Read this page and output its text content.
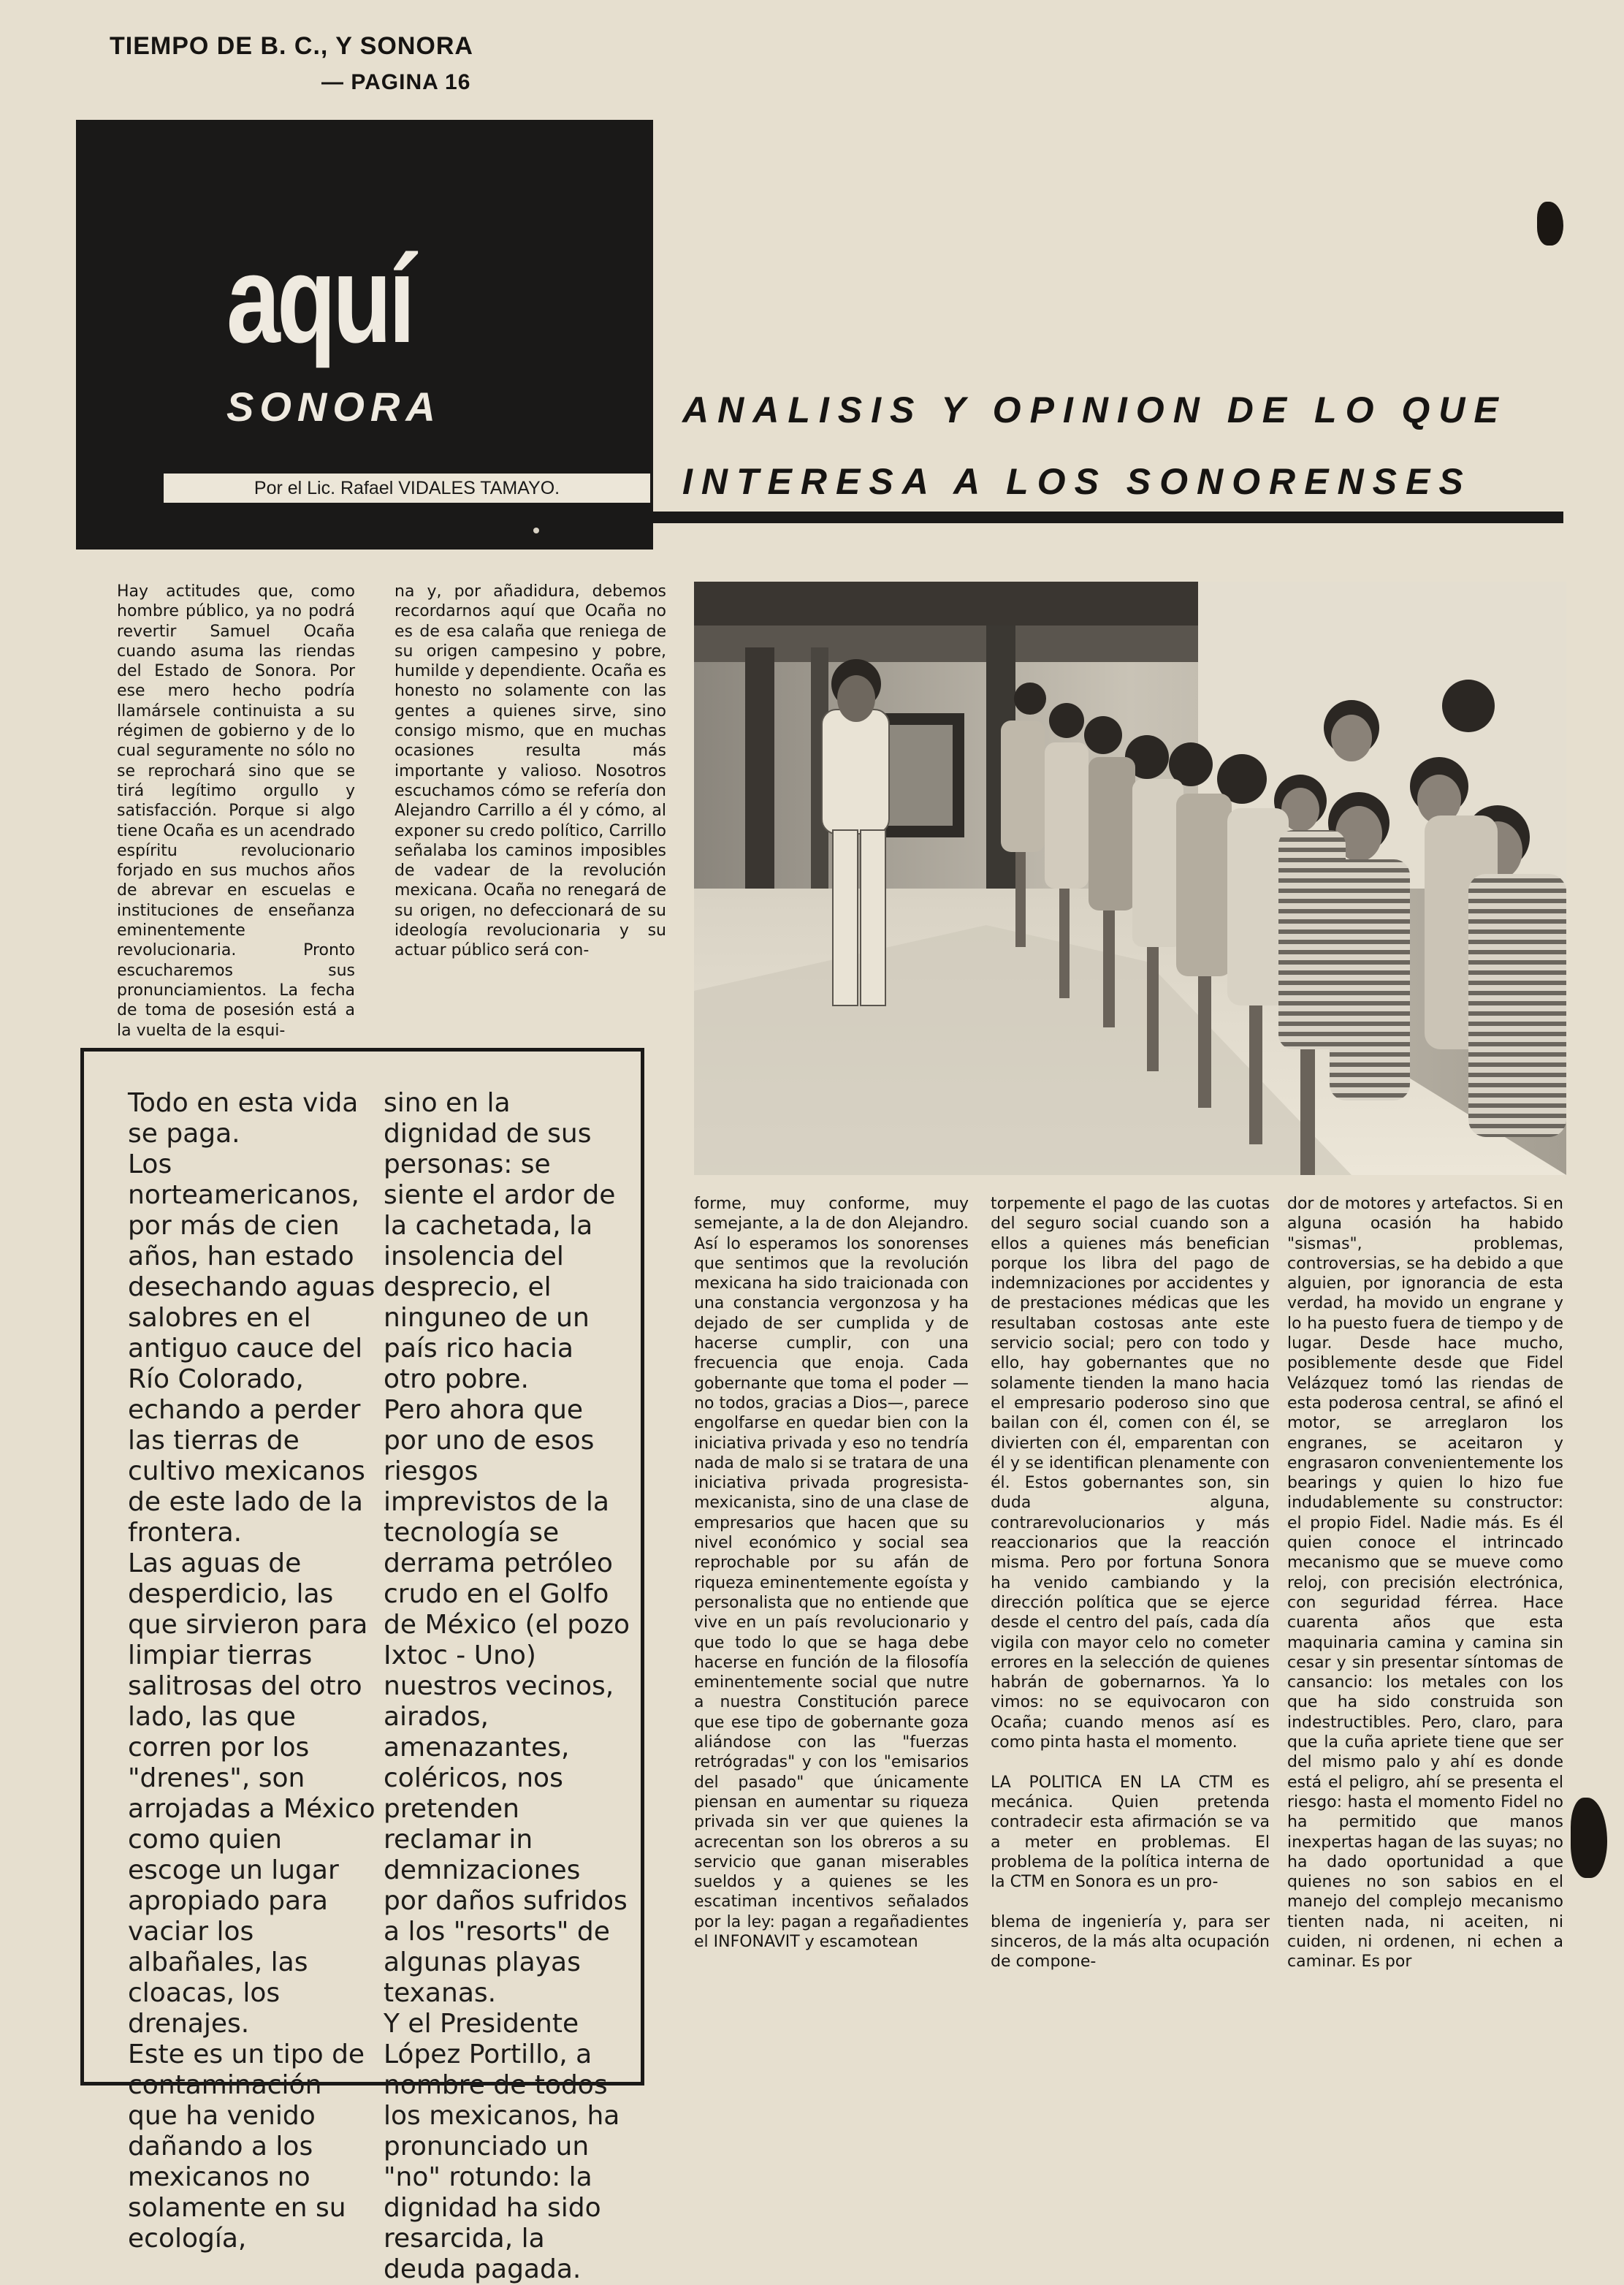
TIEMPO DE B. C., Y SONORA
— PAGINA 16
aquí
SONORA
Por el Lic. Rafael VIDALES TAMAYO.
ANALISIS Y OPINION DE LO QUE
INTERESA A LOS SONORENSES
Hay actitudes que, como hombre público, ya no podrá revertir Samuel Ocaña cuando asuma las riendas del Estado de Sonora. Por ese mero hecho podría llamársele continuista a su régimen de gobierno y de lo cual seguramente no sólo no se reprochará sino que se tirá legítimo orgullo y satisfacción. Porque si algo tiene Ocaña es un acendrado espíritu revolucionario forjado en sus muchos años de abrevar en escuelas e instituciones de enseñanza eminentemente revolucionaria. Pronto escucharemos sus pronunciamientos. La fecha de toma de posesión está a la vuelta de la esqui-
na y, por añadidura, debemos recordarnos aquí que Ocaña no es de esa calaña que reniega de su origen campesino y pobre, humilde y dependiente. Ocaña es honesto no solamente con las gentes a quienes sirve, sino consigo mismo, que en muchas ocasiones resulta más importante y valioso. Nosotros escuchamos cómo se refería don Alejandro Carrillo a él y cómo, al exponer su credo político, Carrillo señalaba los caminos imposibles de vadear de la revolución mexicana. Ocaña no renegará de su origen, no defeccionará de su ideología revolucionaria y su actuar público será con-
forme, muy conforme, muy semejante, a la de don Alejandro. Así lo esperamos los sonorenses que sentimos que la revolución mexicana ha sido traicionada con una constancia vergonzosa y ha dejado de ser cumplida y de hacerse cumplir, con una frecuencia que enoja. Cada gobernante que toma el poder —no todos, gracias a Dios—, parece engolfarse en quedar bien con la iniciativa privada y eso no tendría nada de malo si se tratara de una iniciativa privada progresista-mexicanista, sino de una clase de empresarios que hacen que su nivel económico y social sea reprochable por su afán de riqueza eminentemente egoísta y personalista que no entiende que vive en un país revolucionario y que todo lo que se haga debe hacerse en función de la filosofía eminentemente social que nutre a nuestra Constitución parece que ese tipo de gobernante goza aliándose con las "fuerzas retrógradas" y con los "emisarios del pasado" que únicamente piensan en aumentar su riqueza privada sin ver que quienes la acrecentan son los obreros a su servicio que ganan miserables sueldos y a quienes se les escatiman incentivos señalados por la ley: pagan a regañadientes el INFONAVIT y escamotean
torpemente el pago de las cuotas del seguro social cuando son a ellos a quienes más benefician porque los libra del pago de indemnizaciones por accidentes y de prestaciones médicas que les resultaban costosas ante este servicio social; pero con todo y ello, hay gobernantes que no solamente tienden la mano hacia el empresario poderoso sino que bailan con él, comen con él, se divierten con él, emparentan con él y se identifican plenamente con él. Estos gobernantes son, sin duda alguna, contrarevolucionarios y más reaccionarios que la reacción misma. Pero por fortuna Sonora ha venido cambiando y la dirección política que se ejerce desde el centro del país, cada día vigila con mayor celo no cometer errores en la selección de quienes habrán de gobernarnos. Ya lo vimos: no se equivocaron con Ocaña; cuando menos así es como pinta hasta el momento.

LA POLITICA EN LA CTM es mecánica. Quien pretenda contradecir esta afirmación se va a meter en problemas. El problema de la política interna de la CTM en Sonora es un pro-

blema de ingeniería y, para ser sinceros, de la más alta ocupación de compone-
dor de motores y artefactos. Si en alguna ocasión ha habido "sismas", problemas, controversias, se ha debido a que alguien, por ignorancia de esta verdad, ha movido un engrane y lo ha puesto fuera de tiempo y de lugar. Desde hace mucho, posiblemente desde que Fidel Velázquez tomó las riendas de esta poderosa central, se afinó el motor, se arreglaron los engranes, se aceitaron y engrasaron convenientemente los bearings y quien lo hizo fue indudablemente su constructor: el propio Fidel. Nadie más. Es él quien conoce el intrincado mecanismo que se mueve como reloj, con precisión electrónica, con seguridad férrea. Hace cuarenta años que esta maquinaria camina y camina sin cesar y sin presentar síntomas de cansancio: los metales con los que ha sido construida son indestructibles. Pero, claro, para que la cuña apriete tiene que ser del mismo palo y ahí es donde está el peligro, ahí se presenta el riesgo: hasta el momento Fidel no ha permitido que manos inexpertas hagan de las suyas; no ha dado oportunidad a que quienes no son sabios en el manejo del complejo mecanismo tienten nada, ni aceiten, ni cuiden, ni ordenen, ni echen a caminar. Es por
Todo en esta vida se paga.
Los norteamericanos, por más de cien años, han estado desechando aguas salobres en el antiguo cauce del Río Colorado, echando a perder las tierras de cultivo mexicanos de este lado de la frontera.
Las aguas de desperdicio, las que sirvieron para limpiar tierras salitrosas del otro lado, las que corren por los "drenes", son arrojadas a México como quien escoge un lugar apropiado para vaciar los albañales, las cloacas, los drenajes.
Este es un tipo de contaminación que ha venido dañando a los mexicanos no solamente en su ecología,
sino en la dignidad de sus personas: se siente el ardor de la cachetada, la insolencia del desprecio, el ninguneo de un país rico hacia otro pobre.
Pero ahora que por uno de esos riesgos imprevistos de la tecnología se derrama petróleo crudo en el Golfo de México (el pozo Ixtoc - Uno) nuestros vecinos, airados, amenazantes, coléricos, nos pretenden reclamar in demnizaciones por daños sufridos a los "resorts" de algunas playas texanas.
Y el Presidente López Portillo, a nombre de todos los mexicanos, ha pronunciado un "no" rotundo: la dignidad ha sido resarcida, la deuda pagada.
